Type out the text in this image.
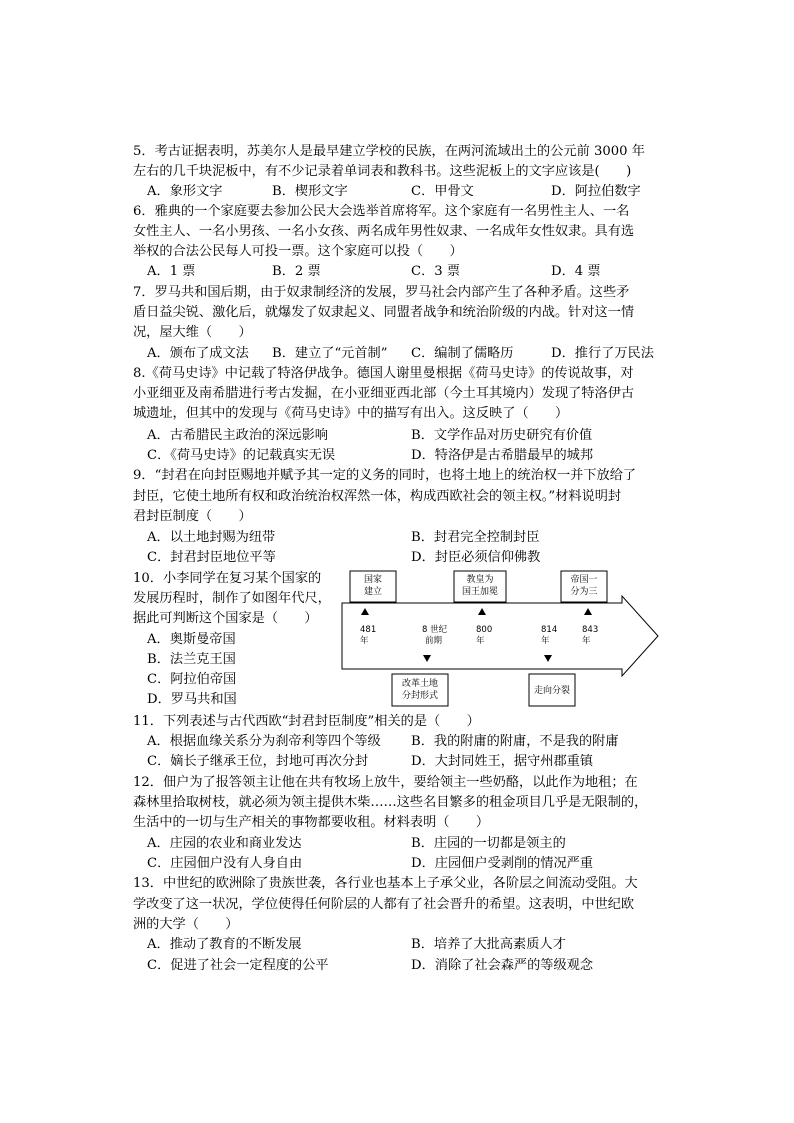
5．考古证据表明，苏美尔人是最早建立学校的民族，在两河流域出土的公元前 3000 年
左右的几千块泥板中，有不少记录着单词表和教科书。这些泥板上的文字应该是(　　)
A．象形文字	B．楔形文字	C．甲骨文	D．阿拉伯数字
6．雅典的一个家庭要去参加公民大会选举首席将军。这个家庭有一名男性主人、一名
女性主人、一名小男孩、一名小女孩、两名成年男性奴隶、一名成年女性奴隶。具有选
举权的合法公民每人可投一票。这个家庭可以投（　　）
A．1 票	B．2 票	C．3 票	D．4 票
7．罗马共和国后期，由于奴隶制经济的发展，罗马社会内部产生了各种矛盾。这些矛
盾日益尖锐、激化后，就爆发了奴隶起义、同盟者战争和统治阶级的内战。针对这一情
况，屋大维（　　）
A．颁布了成文法 B．建立了“元首制” C．编制了儒略历	D．推行了万民法
8.《荷马史诗》中记载了特洛伊战争。德国人谢里曼根据《荷马史诗》的传说故事，对
小亚细亚及南希腊进行考古发掘，在小亚细亚西北部（今土耳其境内）发现了特洛伊古
城遗址，但其中的发现与《荷马史诗》中的描写有出入。这反映了（　　）
A．古希腊民主政治的深远影响	B．文学作品对历史研究有价值
C．《荷马史诗》的记载真实无误	D．特洛伊是古希腊最早的城邦
9．“封君在向封臣赐地并赋予其一定的义务的同时，也将土地上的统治权一并下放给了
封臣，它使土地所有权和政治统治权浑然一体，构成西欧社会的领主权。”材料说明封
君封臣制度（　　）
A．以土地封赐为纽带	B．封君完全控制封臣
C．封君封臣地位平等	D．封臣必须信仰佛教
10．小李同学在复习某个国家的
发展历程时，制作了如图年代尺，
据此可判断这个国家是（　　）
A．奥斯曼帝国
B．法兰克王国
C．阿拉伯帝国
D．罗马共和国
国家
建立
教皇为
国王加冕
帝国一
分为三
481
年
8 世纪
前期
800
年
814
年
843
年
改革土地
分封形式	走向分裂
11．下列表述与古代西欧“封君封臣制度”相关的是（　　）
A．根据血缘关系分为刹帝利等四个等级 B．我的附庸的附庸，不是我的附庸
C．嫡长子继承王位，封地可再次分封	D．大封同姓王，据守州郡重镇
12．佃户为了报答领主让他在共有牧场上放牛，要给领主一些奶酪，以此作为地租；在
森林里拾取树枝，就必须为领主提供木柴……这些名目繁多的租金项目几乎是无限制的，
生活中的一切与生产相关的事物都要收租。材料表明（　　）
A．庄园的农业和商业发达	B．庄园的一切都是领主的
C．庄园佃户没有人身自由	D．庄园佃户受剥削的情况严重
13．中世纪的欧洲除了贵族世袭，各行业也基本上子承父业，各阶层之间流动受阻。大
学改变了这一状况，学位使得任何阶层的人都有了社会晋升的希望。这表明，中世纪欧
洲的大学（　　）
A．推动了教育的不断发展	B．培养了大批高素质人才
C．促进了社会一定程度的公平	D．消除了社会森严的等级观念
